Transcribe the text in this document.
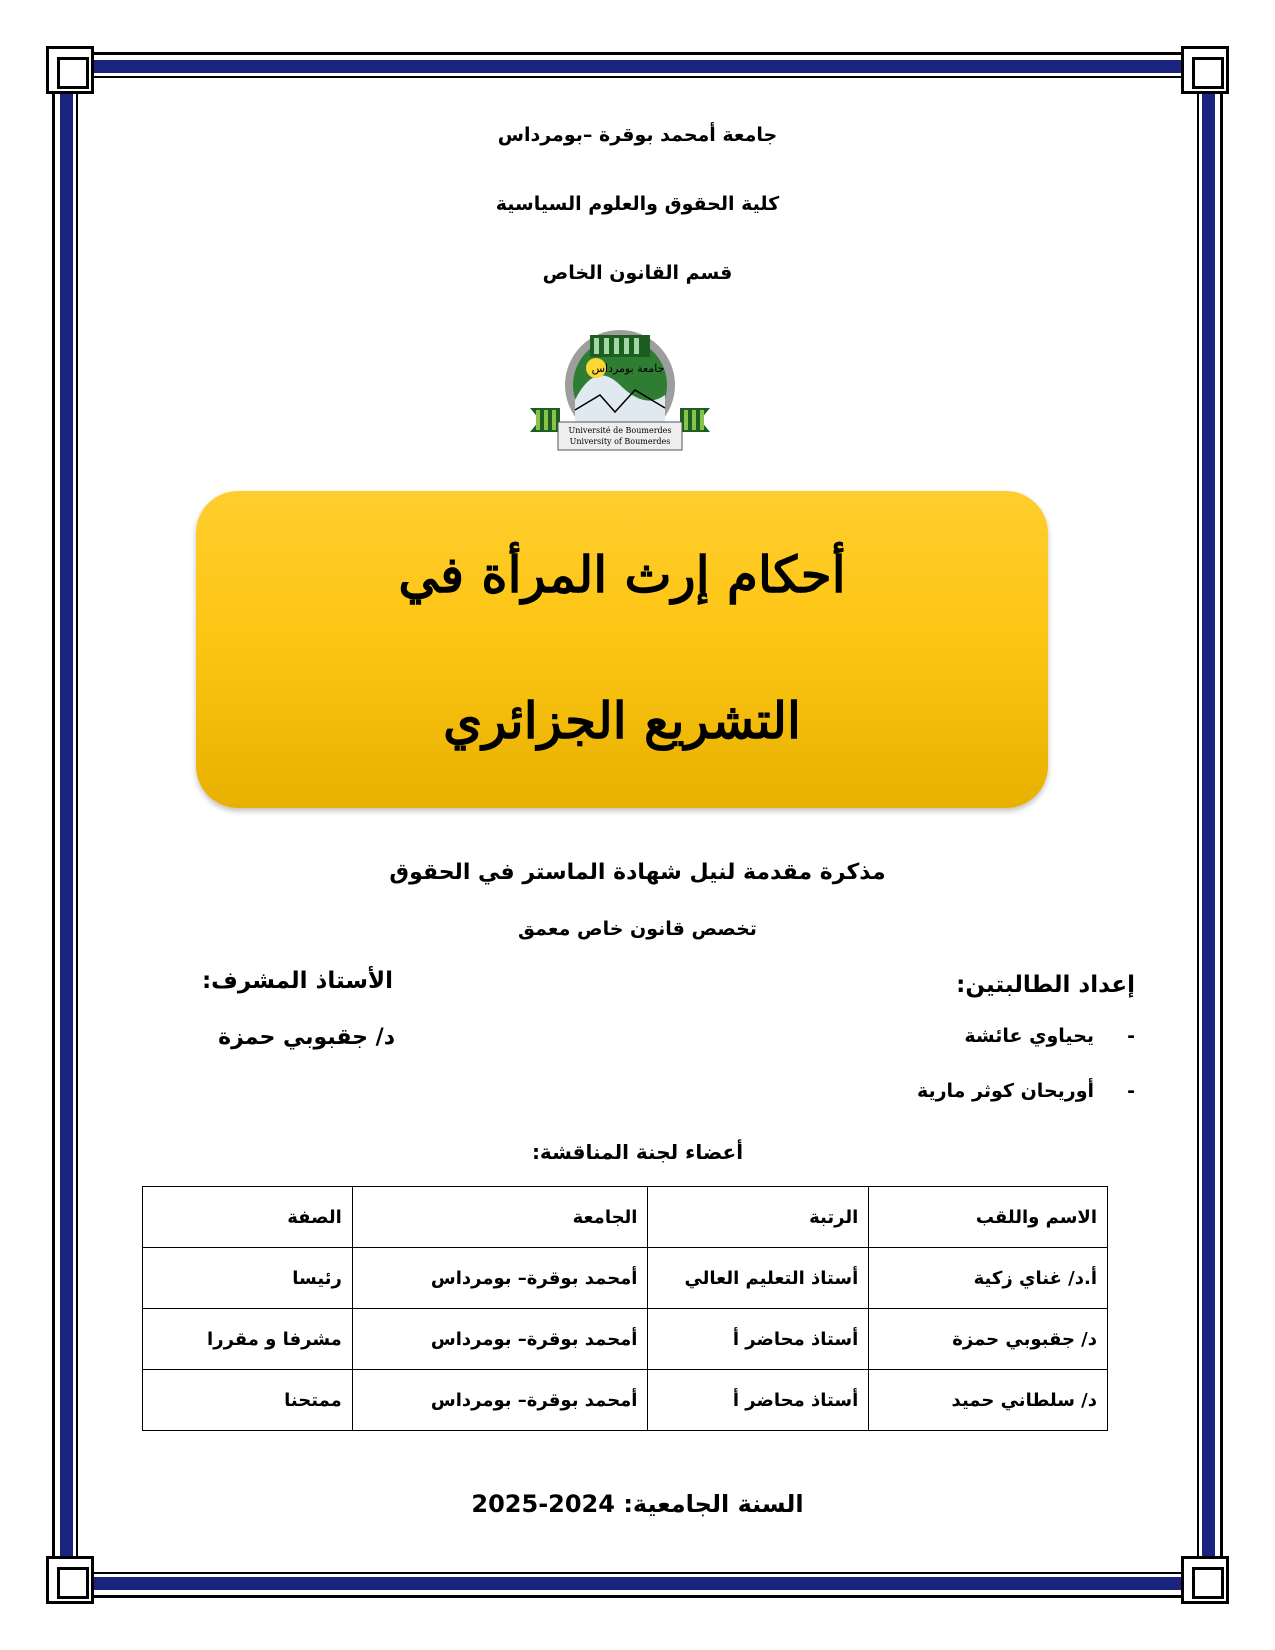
جامعة أمحمد بوقرة –بومرداس
كلية الحقوق والعلوم السياسية
قسم القانون الخاص
جامعة بومرداس
Université de Boumerdes
University of Boumerdes
أحكام إرث المرأة في
التشريع الجزائري
مذكرة مقدمة لنيل شهادة الماستر في الحقوق
تخصص قانون خاص معمق
إعداد الطالبتين:
الأستاذ المشرف:
-     يحياوي عائشة
-     أوريحان كوثر مارية
د/ جقبوبي حمزة
أعضاء لجنة المناقشة:
الاسم واللقب	الرتبة	الجامعة	الصفة
أ.د/ غناي زكية	أستاذ التعليم العالي	أمحمد بوقرة– بومرداس	رئيسا
د/ جقبوبي حمزة	أستاذ محاضر أ	أمحمد بوقرة– بومرداس	مشرفا و مقررا
د/ سلطاني حميد	أستاذ محاضر أ	أمحمد بوقرة– بومرداس	ممتحنا
السنة الجامعية: 2025-2024
